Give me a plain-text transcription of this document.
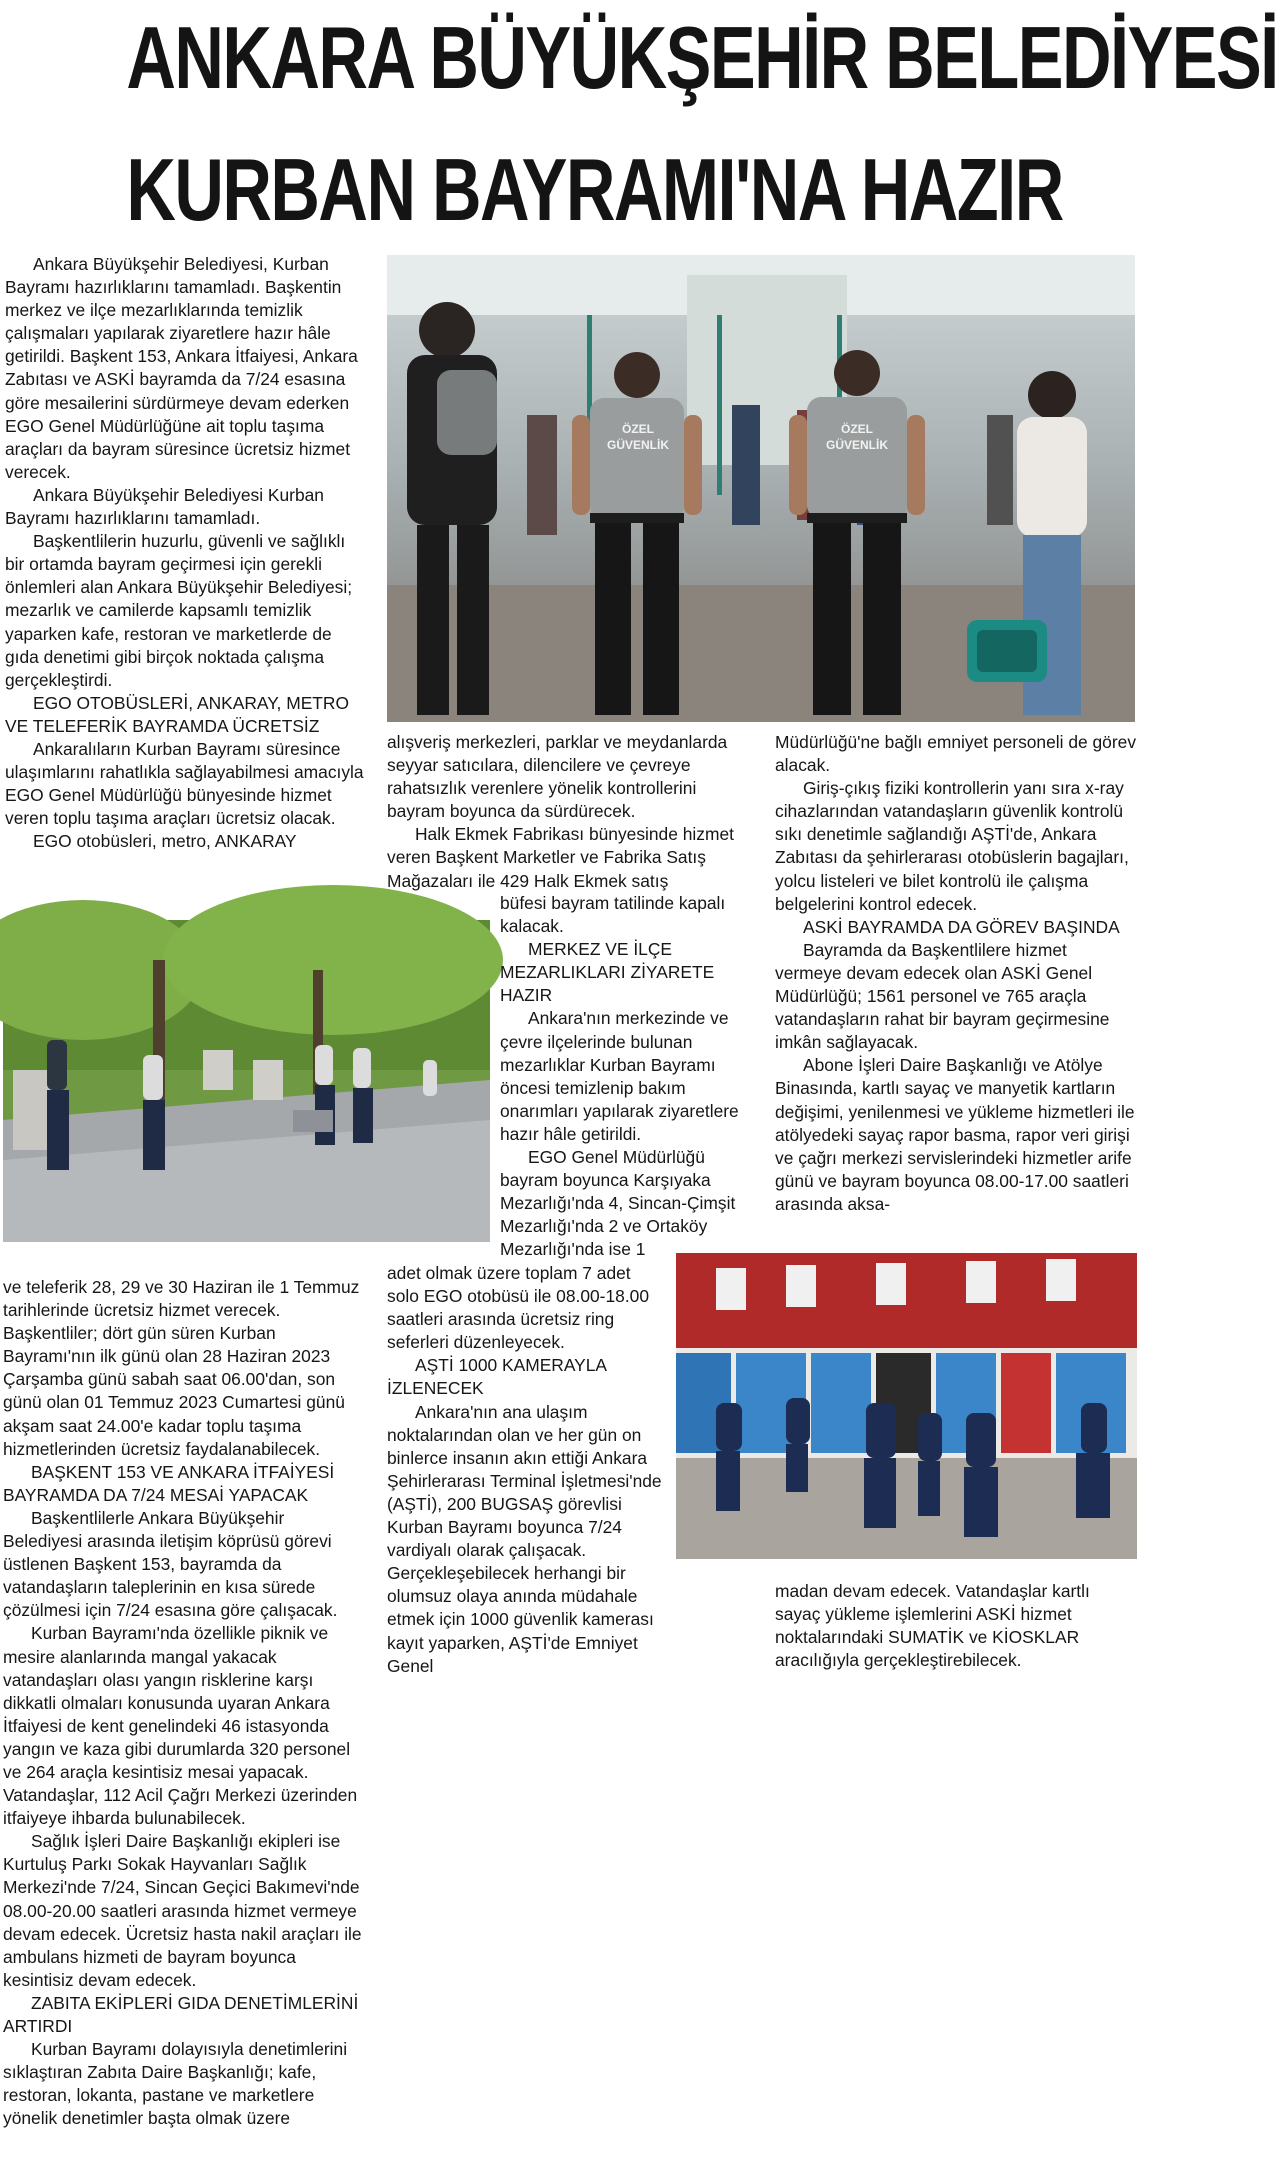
ANKARA BÜYÜKŞEHİR BELEDİYESİ
KURBAN BAYRAMI'NA HAZIR

Ankara Büyükşehir Belediyesi, Kurban Bayramı hazırlıklarını tamamladı. Başkentin merkez ve ilçe mezarlıklarında temizlik çalışmaları yapılarak ziyaretlere hazır hâle getirildi. Başkent 153, Ankara İtfaiyesi, Ankara Zabıtası ve ASKİ bayramda da 7/24 esasına göre mesailerini sürdürmeye devam ederken EGO Genel Müdürlüğüne ait toplu taşıma araçları da bayram süresince ücretsiz hizmet verecek.

Ankara Büyükşehir Belediyesi Kurban Bayramı hazırlıklarını tamamladı.

Başkentlilerin huzurlu, güvenli ve sağlıklı bir ortamda bayram geçirmesi için gerekli önlemleri alan Ankara Büyükşehir Belediyesi; mezarlık ve camilerde kapsamlı temizlik yaparken kafe, restoran ve marketlerde de gıda denetimi gibi birçok noktada çalışma gerçekleştirdi.

EGO OTOBÜSLERİ, ANKARAY, METRO VE TELEFERİK BAYRAMDA ÜCRETSİZ

Ankaralıların Kurban Bayramı süresince ulaşımlarını rahatlıkla sağlayabilmesi amacıyla EGO Genel Müdürlüğü bünyesinde hizmet veren toplu taşıma araçları ücretsiz olacak.

EGO otobüsleri, metro, ANKARAY

ÖZEL
GÜVENLİK
ÖZEL
GÜVENLİK

alışveriş merkezleri, parklar ve meydanlarda seyyar satıcılara, dilencilere ve çevreye rahatsızlık verenlere yönelik kontrollerini bayram boyunca da sürdürecek.

Halk Ekmek Fabrikası bünyesinde hizmet veren Başkent Marketler ve Fabrika Satış Mağazaları ile 429 Halk Ekmek satış

Müdürlüğü'ne bağlı emniyet personeli de görev alacak.

Giriş-çıkış fiziki kontrollerin yanı sıra x-ray cihazlarından vatandaşların güvenlik kontrolü sıkı denetimle sağlandığı AŞTİ'de, Ankara Zabıtası da şehirlerarası otobüslerin bagajları, yolcu listeleri ve bilet kontrolü ile çalışma belgelerini kontrol edecek.

ASKİ BAYRAMDA DA GÖREV BAŞINDA

Bayramda da Başkentlilere hizmet vermeye devam edecek olan ASKİ Genel Müdürlüğü; 1561 personel ve 765 araçla vatandaşların rahat bir bayram geçirmesine imkân sağlayacak.

Abone İşleri Daire Başkanlığı ve Atölye Binasında, kartlı sayaç ve manyetik kartların değişimi, yenilenmesi ve yükleme hizmetleri ile atölyedeki sayaç rapor basma, rapor veri girişi ve çağrı merkezi servislerindeki hizmetler arife günü ve bayram boyunca 08.00-17.00 saatleri arasında aksa-

büfesi bayram tatilinde kapalı kalacak.

MERKEZ VE İLÇE MEZARLIKLARI ZİYARETE HAZIR

Ankara'nın merkezinde ve çevre ilçelerinde bulunan mezarlıklar Kurban Bayramı öncesi temizlenip bakım onarımları yapılarak ziyaretlere hazır hâle getirildi.

EGO Genel Müdürlüğü bayram boyunca Karşıyaka Mezarlığı'nda 4, Sincan-Çimşit Mezarlığı'nda 2 ve Ortaköy Mezarlığı'nda ise 1

ve teleferik 28, 29 ve 30 Haziran ile 1 Temmuz tarihlerinde ücretsiz hizmet verecek. Başkentliler; dört gün süren Kurban Bayramı'nın ilk günü olan 28 Haziran 2023 Çarşamba günü sabah saat 06.00'dan, son günü olan 01 Temmuz 2023 Cumartesi günü akşam saat 24.00'e kadar toplu taşıma hizmetlerinden ücretsiz faydalanabilecek.

BAŞKENT 153 VE ANKARA İTFAİYESİ BAYRAMDA DA 7/24 MESAİ YAPACAK

Başkentlilerle Ankara Büyükşehir Belediyesi arasında iletişim köprüsü görevi üstlenen Başkent 153, bayramda da vatandaşların taleplerinin en kısa sürede çözülmesi için 7/24 esasına göre çalışacak.

Kurban Bayramı'nda özellikle piknik ve mesire alanlarında mangal yakacak vatandaşları olası yangın risklerine karşı dikkatli olmaları konusunda uyaran Ankara İtfaiyesi de kent genelindeki 46 istasyonda yangın ve kaza gibi durumlarda 320 personel ve 264 araçla kesintisiz mesai yapacak. Vatandaşlar, 112 Acil Çağrı Merkezi üzerinden itfaiyeye ihbarda bulunabilecek.

Sağlık İşleri Daire Başkanlığı ekipleri ise Kurtuluş Parkı Sokak Hayvanları Sağlık Merkezi'nde 7/24, Sincan Geçici Bakımevi'nde 08.00-20.00 saatleri arasında hizmet vermeye devam edecek. Ücretsiz hasta nakil araçları ile ambulans hizmeti de bayram boyunca kesintisiz devam edecek.

ZABITA EKİPLERİ GIDA DENETİMLERİNİ ARTIRDI

Kurban Bayramı dolayısıyla denetimlerini sıklaştıran Zabıta Daire Başkanlığı; kafe, restoran, lokanta, pastane ve marketlere yönelik denetimler başta olmak üzere

adet olmak üzere toplam 7 adet solo EGO otobüsü ile 08.00-18.00 saatleri arasında ücretsiz ring seferleri düzenleyecek.

AŞTİ 1000 KAMERAYLA İZLENECEK

Ankara'nın ana ulaşım noktalarından olan ve her gün on binlerce insanın akın ettiği Ankara Şehirlerarası Terminal İşletmesi'nde (AŞTİ), 200 BUGSAŞ görevlisi Kurban Bayramı boyunca 7/24 vardiyalı olarak çalışacak. Gerçekleşebilecek herhangi bir olumsuz olaya anında müdahale etmek için 1000 güvenlik kamerası kayıt yaparken, AŞTİ'de Emniyet Genel

madan devam edecek. Vatandaşlar kartlı sayaç yükleme işlemlerini ASKİ hizmet noktalarındaki SUMATİK ve KİOSKLAR aracılığıyla gerçekleştirebilecek.
